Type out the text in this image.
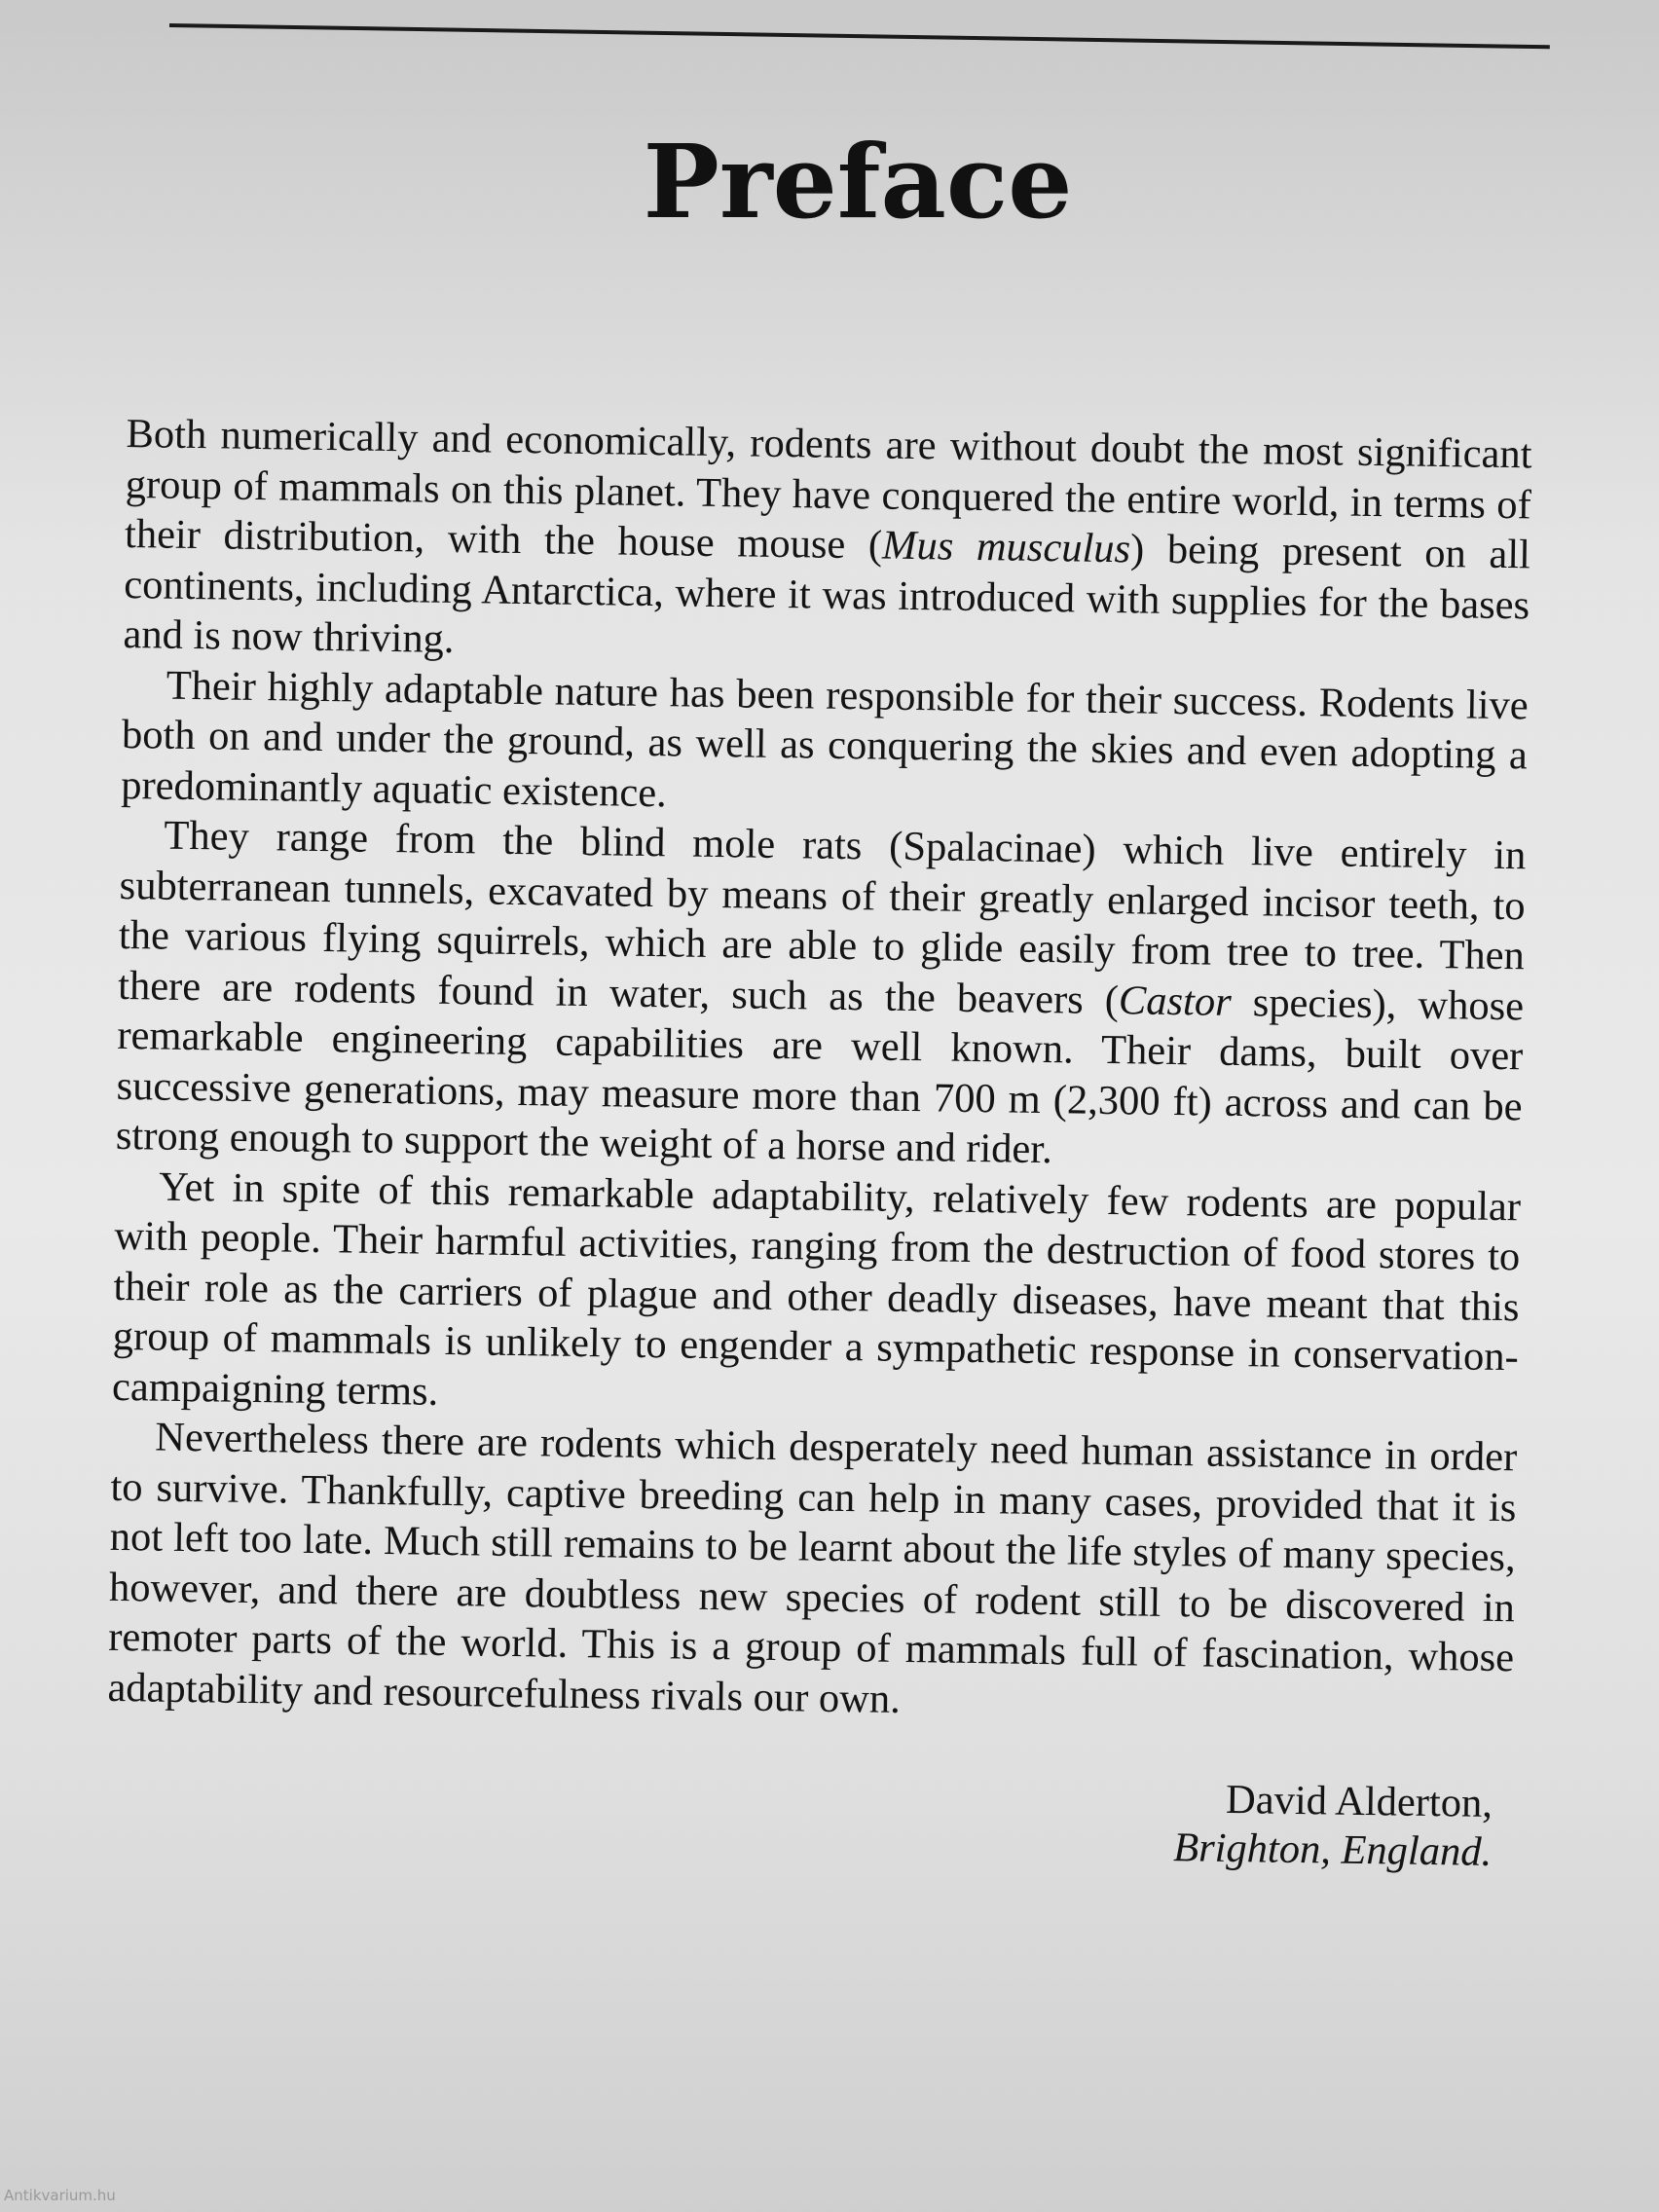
Preface

Both numerically and economically, rodents are without doubt the most significant group of mammals on this planet. They have conquered the entire world, in terms of their distribution, with the house mouse (Mus musculus) being present on all continents, including Antarctica, where it was introduced with supplies for the bases and is now thriving.

Their highly adaptable nature has been responsible for their success. Rodents live both on and under the ground, as well as conquering the skies and even adopting a predominantly aquatic existence.

They range from the blind mole rats (Spalacinae) which live entirely in subterranean tunnels, excavated by means of their greatly enlarged incisor teeth, to the various flying squirrels, which are able to glide easily from tree to tree. Then there are rodents found in water, such as the beavers (Castor species), whose remarkable engineering capabilities are well known. Their dams, built over successive generations, may measure more than 700 m (2,300 ft) across and can be strong enough to support the weight of a horse and rider.

Yet in spite of this remarkable adaptability, relatively few rodents are popular with people. Their harmful activities, ranging from the destruction of food stores to their role as the carriers of plague and other deadly diseases, have meant that this group of mammals is unlikely to engender a sympathetic response in conservation-campaigning terms.

Nevertheless there are rodents which desperately need human assistance in order to survive. Thankfully, captive breeding can help in many cases, provided that it is not left too late. Much still remains to be learnt about the life styles of many species, however, and there are doubtless new species of rodent still to be discovered in remoter parts of the world. This is a group of mammals full of fascination, whose adaptability and resourcefulness rivals our own.

David Alderton,
Brighton, England.
Antikvarium.hu
